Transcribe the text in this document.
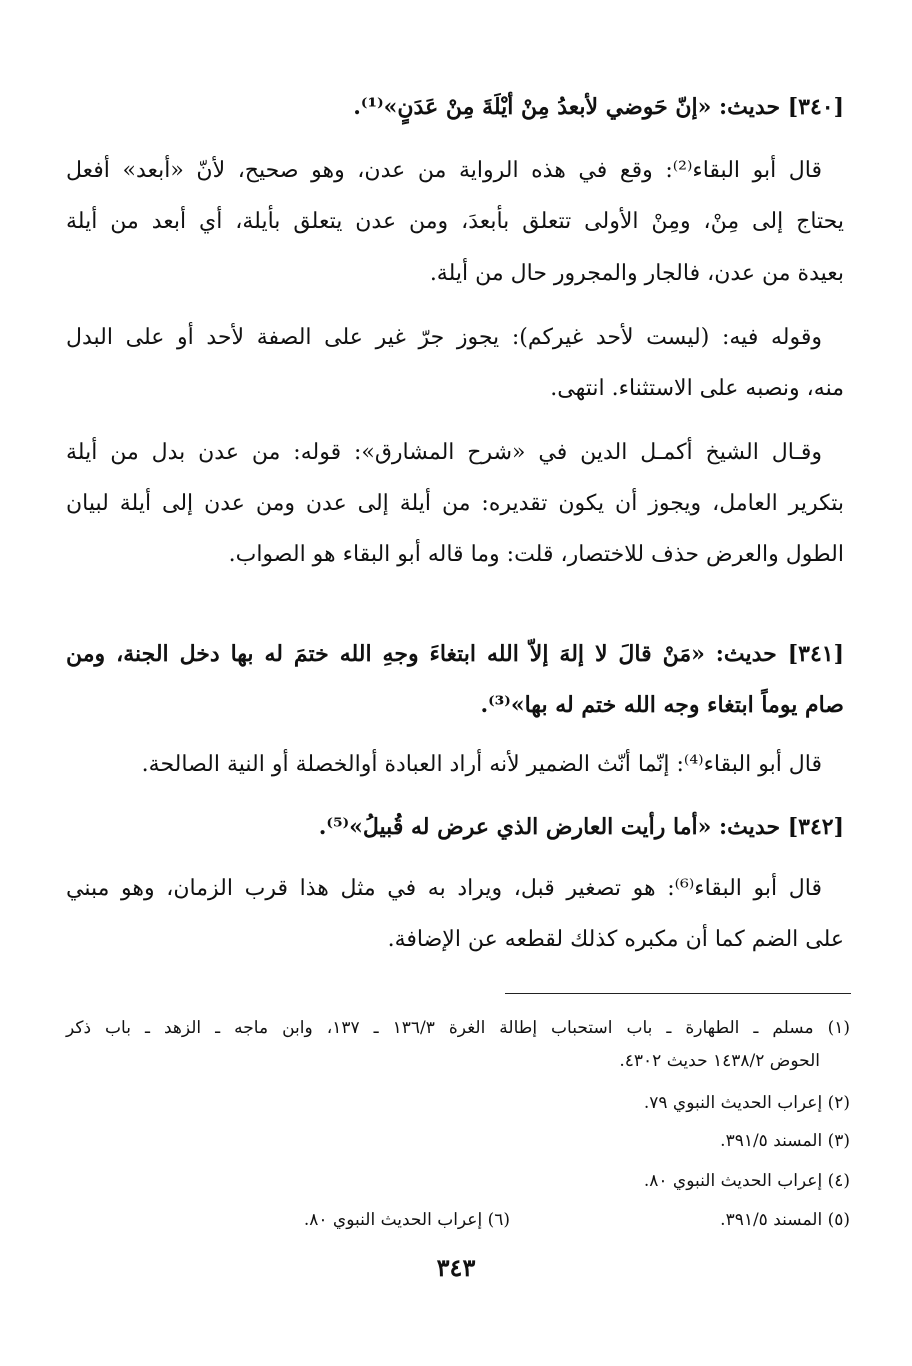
[٣٤٠] حديث: «إنّ حَوضي لأبعدُ مِنْ أيْلَةَ مِنْ عَدَنٍ»⁽¹⁾.
قال أبو البقاء⁽²⁾: وقع في هذه الرواية من عدن، وهو صحيح، لأنّ «أبعد» أفعل
يحتاج إلى مِنْ، ومِنْ الأولى تتعلق بأبعدَ، ومن عدن يتعلق بأيلة، أي أبعد من أيلة
بعيدة من عدن، فالجار والمجرور حال من أيلة.
وقوله فيه: (ليست لأحد غيركم): يجوز جرّ غير على الصفة لأحد أو على البدل
منه، ونصبه على الاستثناء. انتهى.
وقـال الشيخ أكمـل الدين في «شرح المشارق»: قوله: من عدن بدل من أيلة
بتكرير العامل، ويجوز أن يكون تقديره: من أيلة إلى عدن ومن عدن إلى أيلة لبيان
الطول والعرض حذف للاختصار، قلت: وما قاله أبو البقاء هو الصواب.
[٣٤١] حديث: «مَنْ قالَ لا إلهَ إلاّ الله ابتغاءَ وجهِ الله ختمَ له بها دخل الجنة، ومن
صام يوماً ابتغاء وجه الله ختم له بها»⁽³⁾.
قال أبو البقاء⁽⁴⁾: إنّما أنّث الضمير لأنه أراد العبادة أوالخصلة أو النية الصالحة.
[٣٤٢] حديث: «أما رأيت العارض الذي عرض له قُبيلُ»⁽⁵⁾.
قال أبو البقاء⁽⁶⁾: هو تصغير قبل، ويراد به في مثل هذا قرب الزمان، وهو مبني
على الضم كما أن مكبره كذلك لقطعه عن الإضافة.
(١) مسلم ـ الطهارة ـ باب استحباب إطالة الغرة ١٣٦/٣ ـ ١٣٧، وابن ماجه ـ الزهد ـ باب ذكر
الحوض ١٤٣٨/٢ حديث ٤٣٠٢.
(٢) إعراب الحديث النبوي ٧٩.
(٣) المسند ٣٩١/٥.
(٤) إعراب الحديث النبوي ٨٠.
(٥) المسند ٣٩١/٥.
(٦) إعراب الحديث النبوي ٨٠.
٣٤٣
